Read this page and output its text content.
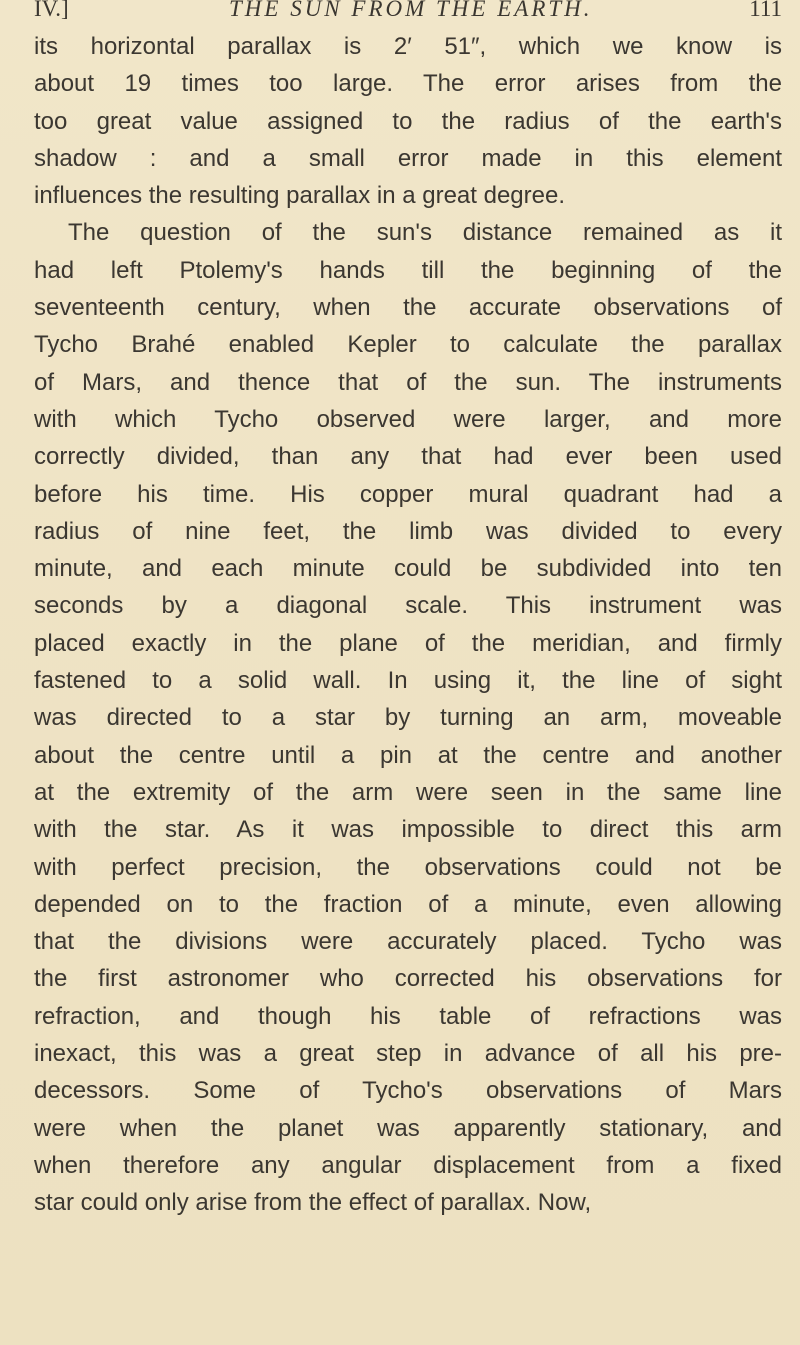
IV.]	THE SUN FROM THE EARTH.	111
its horizontal parallax is 2′ 51″, which we know is
about 19 times too large. The error arises from the
too great value assigned to the radius of the earth's
shadow : and a small error made in this element
influences the resulting parallax in a great degree.
The question of the sun's distance remained as it
had left Ptolemy's hands till the beginning of the
seventeenth century, when the accurate observations of
Tycho Brahé enabled Kepler to calculate the parallax
of Mars, and thence that of the sun. The instruments
with which Tycho observed were larger, and more
correctly divided, than any that had ever been used
before his time. His copper mural quadrant had a
radius of nine feet, the limb was divided to every
minute, and each minute could be subdivided into ten
seconds by a diagonal scale. This instrument was
placed exactly in the plane of the meridian, and firmly
fastened to a solid wall. In using it, the line of sight
was directed to a star by turning an arm, moveable
about the centre until a pin at the centre and another
at the extremity of the arm were seen in the same line
with the star. As it was impossible to direct this arm
with perfect precision, the observations could not be
depended on to the fraction of a minute, even allowing
that the divisions were accurately placed. Tycho was
the first astronomer who corrected his observations for
refraction, and though his table of refractions was
inexact, this was a great step in advance of all his pre-
decessors. Some of Tycho's observations of Mars
were when the planet was apparently stationary, and
when therefore any angular displacement from a fixed
star could only arise from the effect of parallax. Now,
